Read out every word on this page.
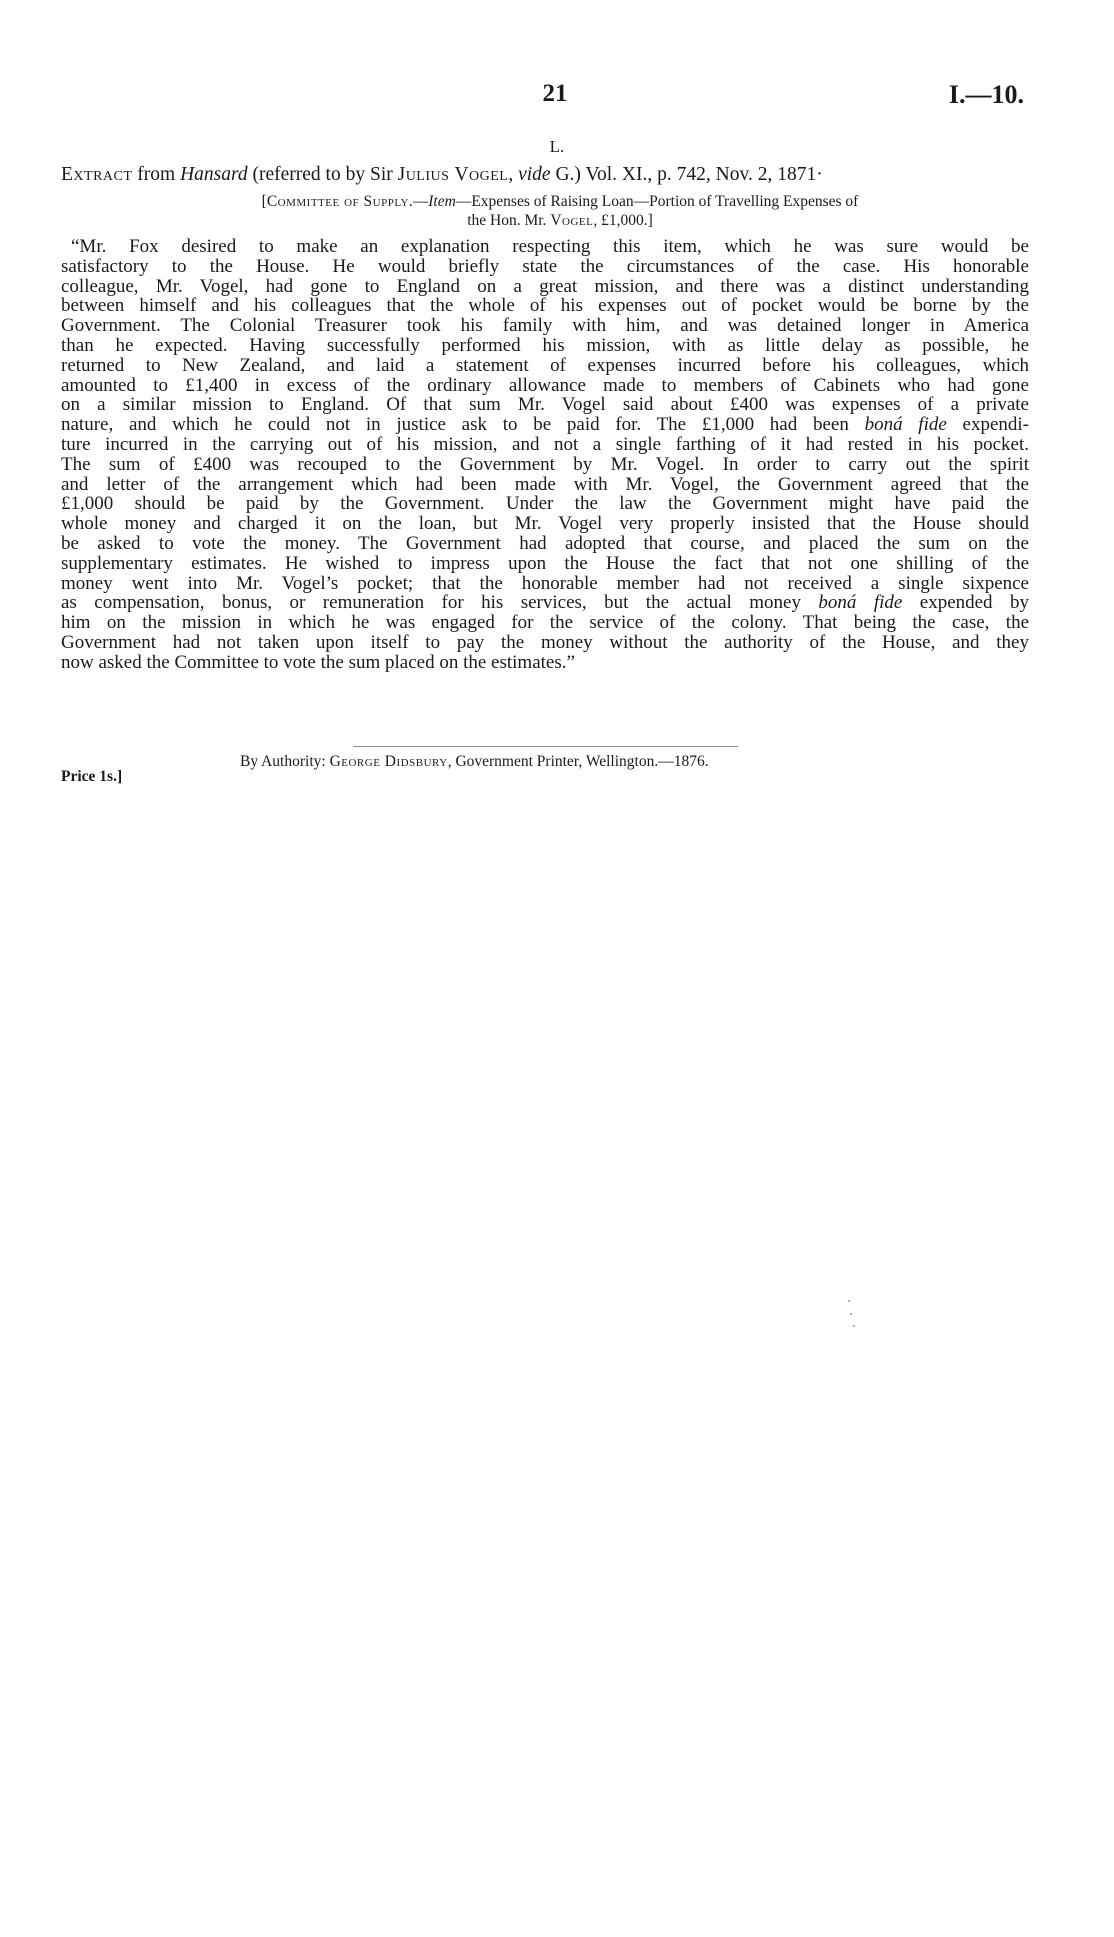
21	I.—10.
L.
Extract from Hansard (referred to by Sir Julius Vogel, vide G.) Vol. XI., p. 742, Nov. 2, 1871·
[Committee of Supply.—Item—Expenses of Raising Loan—Portion of Travelling Expenses of
the Hon. Mr. Vogel, £1,000.]
“Mr. Fox desired to make an explanation respecting this item, which he was sure would be
satisfactory to the House. He would briefly state the circumstances of the case. His honorable
colleague, Mr. Vogel, had gone to England on a great mission, and there was a distinct understanding
between himself and his colleagues that the whole of his expenses out of pocket would be borne by the
Government. The Colonial Treasurer took his family with him, and was detained longer in America
than he expected. Having successfully performed his mission, with as little delay as possible, he
returned to New Zealand, and laid a statement of expenses incurred before his colleagues, which
amounted to £1,400 in excess of the ordinary allowance made to members of Cabinets who had gone
on a similar mission to England. Of that sum Mr. Vogel said about £400 was expenses of a private
nature, and which he could not in justice ask to be paid for. The £1,000 had been boná fide expendi-
ture incurred in the carrying out of his mission, and not a single farthing of it had rested in his pocket.
The sum of £400 was recouped to the Government by Mr. Vogel. In order to carry out the spirit
and letter of the arrangement which had been made with Mr. Vogel, the Government agreed that the
£1,000 should be paid by the Government. Under the law the Government might have paid the
whole money and charged it on the loan, but Mr. Vogel very properly insisted that the House should
be asked to vote the money. The Government had adopted that course, and placed the sum on the
supplementary estimates. He wished to impress upon the House the fact that not one shilling of the
money went into Mr. Vogel’s pocket; that the honorable member had not received a single sixpence
as compensation, bonus, or remuneration for his services, but the actual money boná fide expended by
him on the mission in which he was engaged for the service of the colony. That being the case, the
Government had not taken upon itself to pay the money without the authority of the House, and they
now asked the Committee to vote the sum placed on the estimates.”
By Authority: George Didsbury, Government Printer, Wellington.—1876.
Price 1s.]
